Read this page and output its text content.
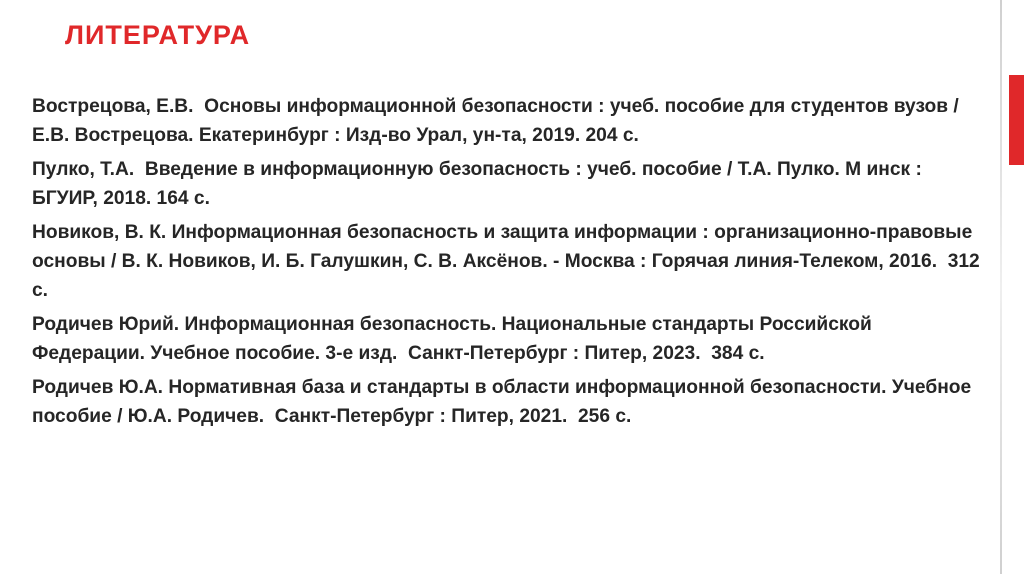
ЛИТЕРАТУРА
Вострецова, Е.В.  Основы информационной безопасности : учеб. пособие для студентов вузов / Е.В. Вострецова. Екатеринбург : Изд-во Урал, ун-та, 2019. 204 с.
Пулко, Т.А.  Введение в информационную безопасность : учеб. пособие / Т.А. Пулко. М инск : БГУИР, 2018. 164 с.
Новиков, В. К. Информационная безопасность и защита информации : организационно-правовые основы / В. К. Новиков, И. Б. Галушкин, С. В. Аксёнов. - Москва : Горячая линия-Телеком, 2016.  312 с.
Родичев Юрий. Информационная безопасность. Национальные стандарты Российской Федерации. Учебное пособие. 3-е изд.  Санкт-Петербург : Питер, 2023.  384 с.
Родичев Ю.А. Нормативная база и стандарты в области информационной безопасности. Учебное пособие / Ю.А. Родичев.  Санкт-Петербург : Питер, 2021.  256 с.
